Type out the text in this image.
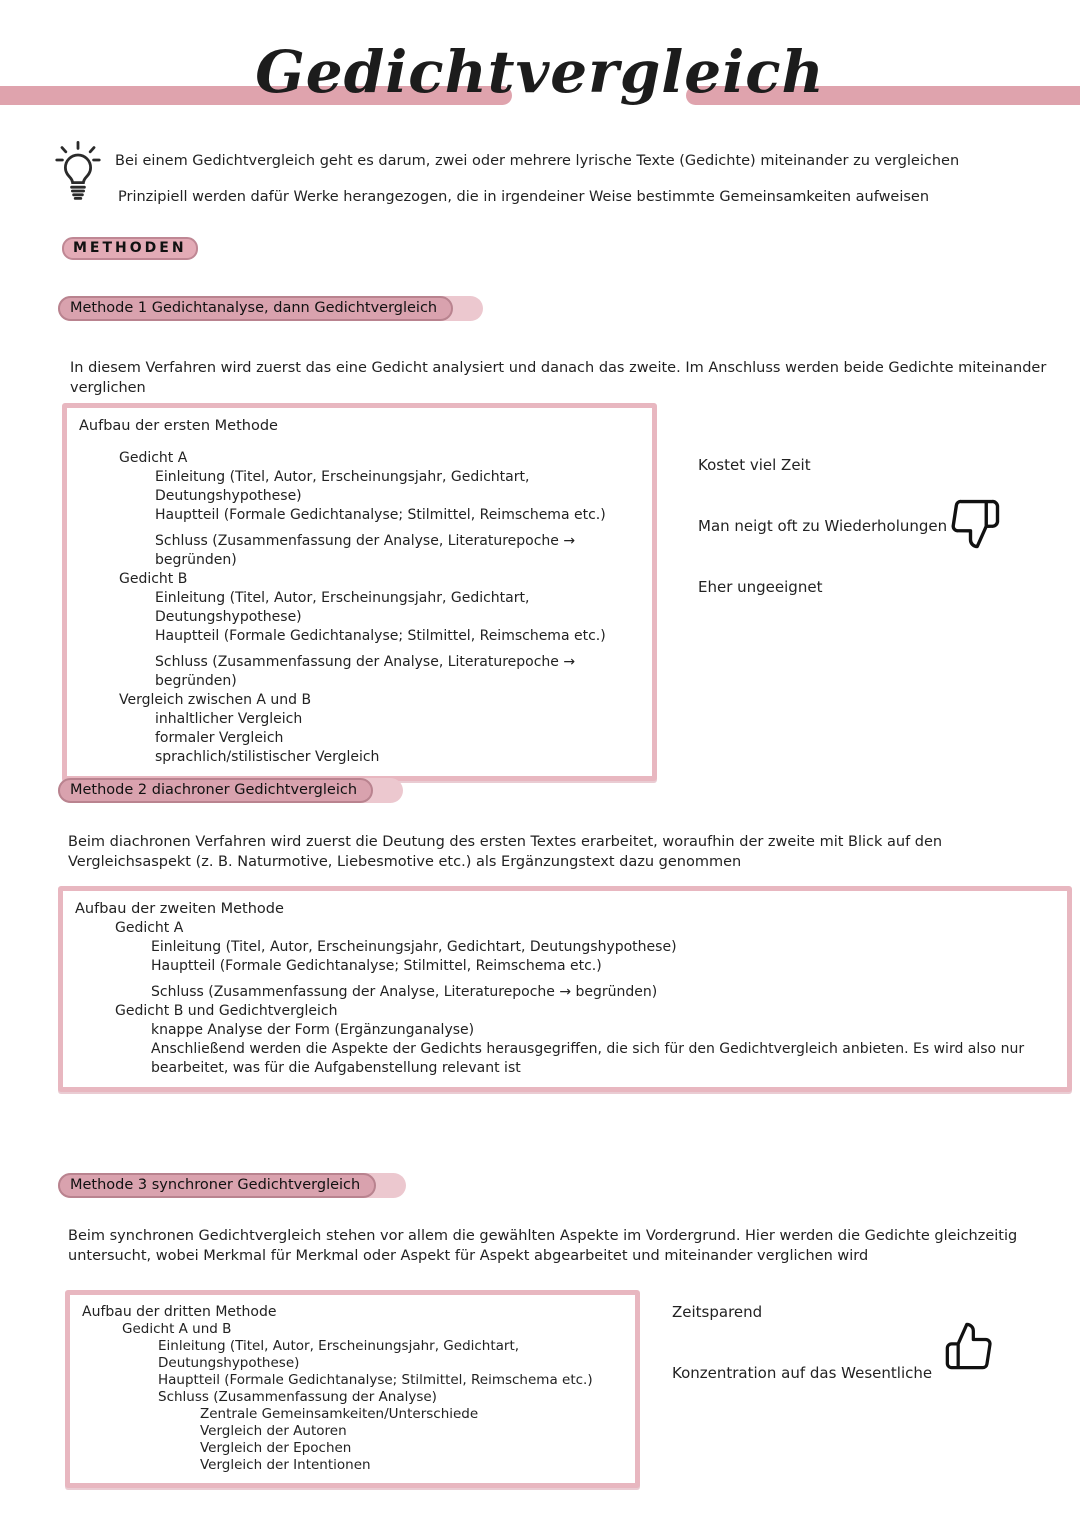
Gedichtvergleich
Bei einem Gedichtvergleich geht es darum, zwei oder mehrere lyrische Texte (Gedichte) miteinander zu vergleichen
Prinzipiell werden dafür Werke herangezogen, die in irgendeiner Weise bestimmte Gemeinsamkeiten aufweisen
METHODEN
Methode 1 Gedichtanalyse, dann Gedichtvergleich
In diesem Verfahren wird zuerst das eine Gedicht analysiert und danach das zweite. Im Anschluss werden beide Gedichte miteinander verglichen
Aufbau der ersten Methode
Gedicht A
Einleitung (Titel, Autor, Erscheinungsjahr, Gedichtart, Deutungshypothese)
Hauptteil (Formale Gedichtanalyse; Stilmittel, Reimschema etc.)
Schluss (Zusammenfassung der Analyse, Literaturepoche → begründen)
Gedicht B
Einleitung (Titel, Autor, Erscheinungsjahr, Gedichtart, Deutungshypothese)
Hauptteil (Formale Gedichtanalyse; Stilmittel, Reimschema etc.)
Schluss (Zusammenfassung der Analyse, Literaturepoche → begründen)
Vergleich zwischen A und B
inhaltlicher Vergleich
formaler Vergleich
sprachlich/stilistischer Vergleich
Kostet viel Zeit
Man neigt oft zu Wiederholungen
Eher ungeeignet
Methode 2 diachroner Gedichtvergleich
Beim diachronen Verfahren wird zuerst die Deutung des ersten Textes erarbeitet, woraufhin der zweite mit Blick auf den Vergleichsaspekt (z. B. Naturmotive, Liebesmotive etc.) als Ergänzungstext dazu genommen
Aufbau der zweiten Methode
Gedicht A
Einleitung (Titel, Autor, Erscheinungsjahr, Gedichtart, Deutungshypothese)
Hauptteil (Formale Gedichtanalyse; Stilmittel, Reimschema etc.)
Schluss (Zusammenfassung der Analyse, Literaturepoche → begründen)
Gedicht B und Gedichtvergleich
knappe Analyse der Form (Ergänzunganalyse)
Anschließend werden die Aspekte der Gedichts herausgegriffen, die sich für den Gedichtvergleich anbieten. Es wird also nur bearbeitet, was für die Aufgabenstellung relevant ist
Methode 3 synchroner Gedichtvergleich
Beim synchronen Gedichtvergleich stehen vor allem die gewählten Aspekte im Vordergrund. Hier werden die Gedichte gleichzeitig untersucht, wobei Merkmal für Merkmal oder Aspekt für Aspekt abgearbeitet und miteinander verglichen wird
Aufbau der dritten Methode
Gedicht A und B
Einleitung (Titel, Autor, Erscheinungsjahr, Gedichtart, Deutungshypothese)
Hauptteil (Formale Gedichtanalyse; Stilmittel, Reimschema etc.)
Schluss (Zusammenfassung der Analyse)
Zentrale Gemeinsamkeiten/Unterschiede
Vergleich der Autoren
Vergleich der Epochen
Vergleich der Intentionen
Zeitsparend
Konzentration auf das Wesentliche
